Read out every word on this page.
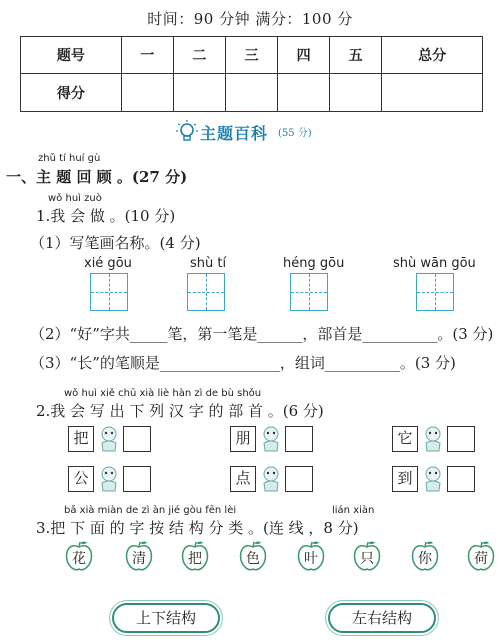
时间：90 分钟 满分：100 分
题号	一	二	三	四	五	总分
得分						
主题百科 (55 分)
zhǔ tí huí gù
一、主 题 回 顾 。(27 分)
wǒ huì zuò
1.我 会 做 。(10 分)
（1）写笔画名称。(4 分)
xié gōu	shù tí	héng gōu	shù wān gōu
（2）“好”字共_____笔，第一笔是______，部首是__________。(3 分)
（3）“长”的笔顺是________________，组词__________。(3 分)
wǒ huì xiě chū xià liè hàn zì de bù shǒu
2.我 会 写 出 下 列 汉 字 的 部 首 。(6 分)
把	朋	它
公	点	到
bǎ xià miàn de zì àn jié gòu fēn lèi	lián xiàn
3.把 下 面 的 字 按 结 构 分 类 。(连 线 ，8 分)
花	清	把	色	叶	只	你	荷
上下结构	左右结构
